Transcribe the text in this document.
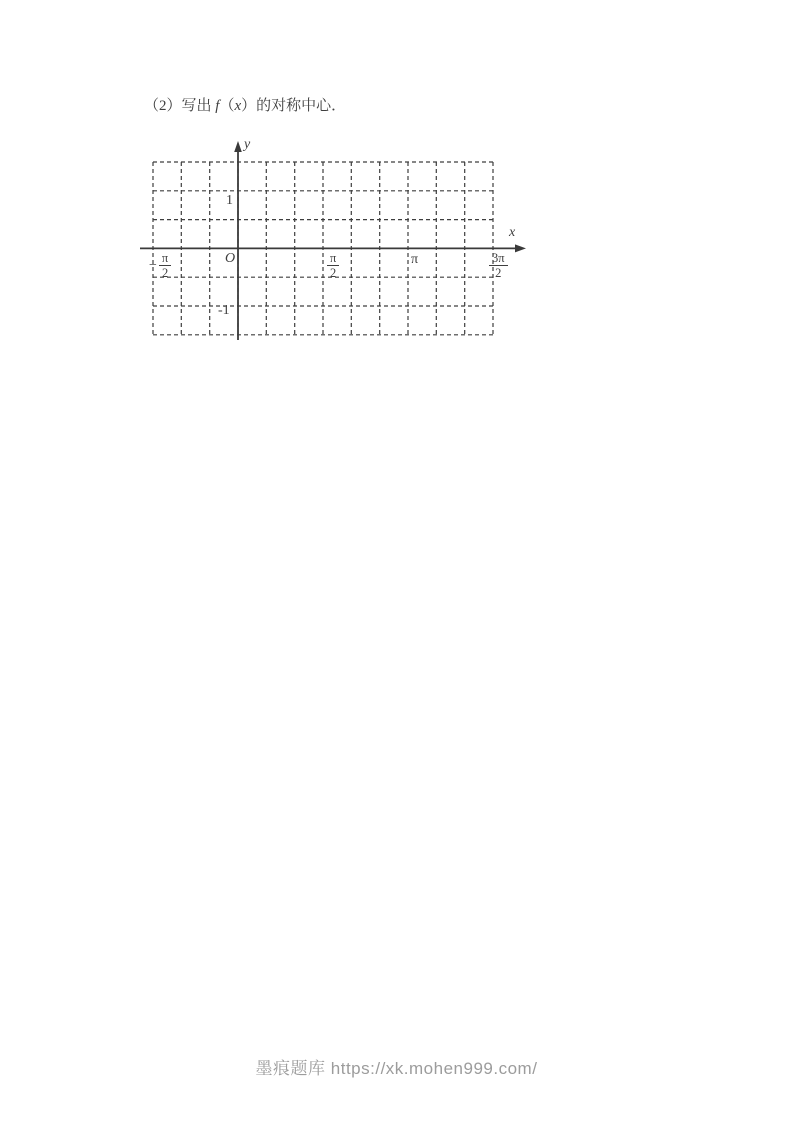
（2）写出 f（x）的对称中心．

y
x
1
-1
O
− $\frac{\pi}{2}$	$\frac{\pi}{2}$	π	$\frac{3\pi}{2}$

墨痕题库 https://xk.mohen999.com/
